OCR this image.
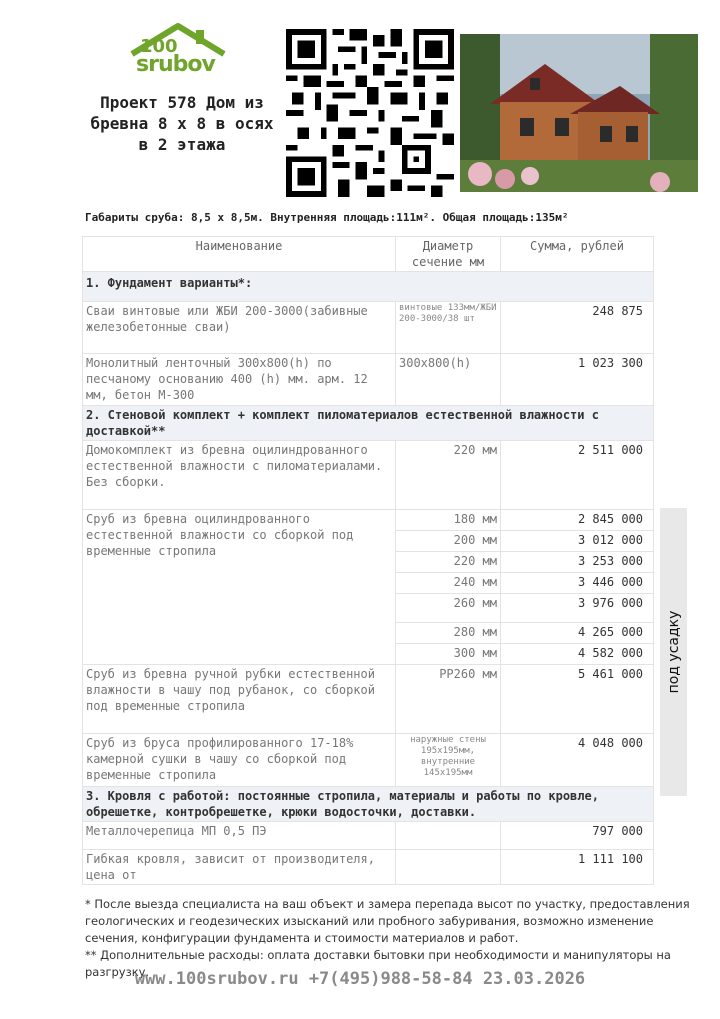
100
srubov
Проект 578 Дом из бревна 8 х 8 в осях в 2 этажа
Габариты сруба: 8,5 х 8,5м. Внутренняя площадь:111м². Общая площадь:135м²
Наименование	Диаметр сечение мм	Сумма, рублей
1. Фундамент варианты*:		
Сваи винтовые или ЖБИ 200-3000(забивные железобетонные сваи)	винтовые 133мм/ЖБИ 200-3000/38 шт	248 875
Монолитный ленточный 300х800(h) по песчаному основанию 400 (h) мм. арм. 12 мм, бетон М-300	300х800(h)	1 023 300
2. Стеновой комплект + комплект пиломатериалов естественной влажности с доставкой**		
Домокомплект из бревна оцилиндрованного естественной влажности с пиломатериалами. Без сборки.	220 мм	2 511 000
Сруб из бревна оцилиндрованного естественной влажности со сборкой под временные стропила	180 мм	2 845 000
	200 мм	3 012 000
	220 мм	3 253 000
	240 мм	3 446 000
	260 мм	3 976 000
	280 мм	4 265 000
	300 мм	4 582 000
Сруб из бревна ручной рубки естественной влажности в чашу под рубанок, со сборкой под временные стропила	РР260 мм	5 461 000
Сруб из бруса профилированного 17-18% камерной сушки в чашу со сборкой под временные стропила	наружные стены 195х195мм, внутренние 145х195мм	4 048 000
3. Кровля с работой: постоянные стропила, материалы и работы по кровле, обрешетке, контробрешетке, крюки водосточки, доставки.		
Металлочерепица МП 0,5 ПЭ		797 000
Гибкая кровля, зависит от производителя, цена от		1 111 100
под усадку
* После выезда специалиста на ваш объект и замера перепада высот по участку, предоставления геологических и геодезических изысканий или пробного забуривания, возможно изменение сечения, конфигурации фундамента и стоимости материалов и работ.
** Дополнительные расходы: оплата доставки бытовки при необходимости и манипуляторы на разгрузку.
www.100srubov.ru +7(495)988-58-84 23.03.2026
